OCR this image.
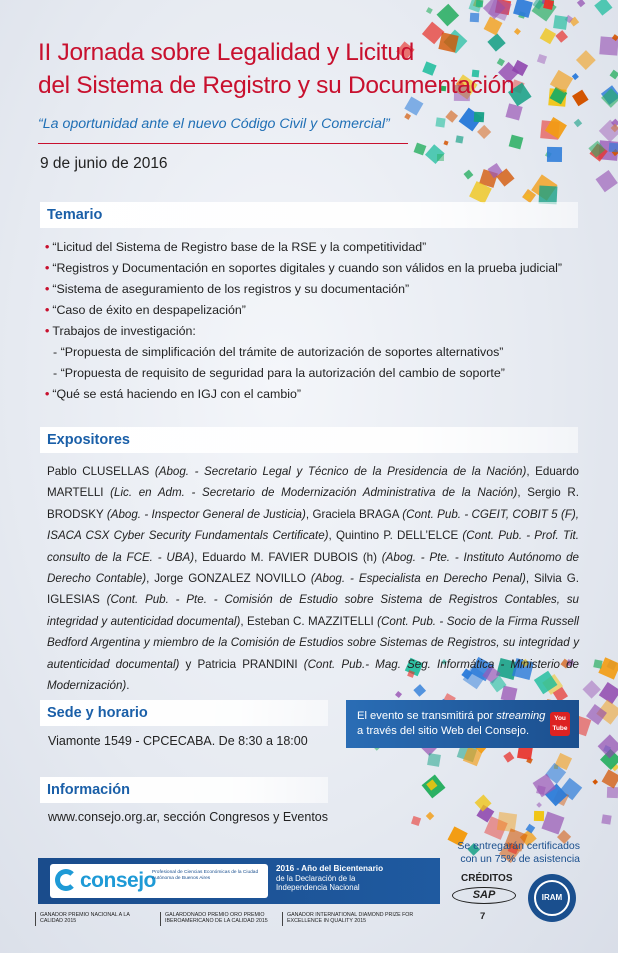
II Jornada sobre Legalidad y Licitud
del Sistema de Registro y su Documentación
“La oportunidad ante el nuevo Código Civil y Comercial”
9 de junio de 2016
Temario
• “Licitud del Sistema de Registro base de la RSE y la competitividad”
• “Registros y Documentación en soportes digitales y cuando son válidos en la prueba judicial”
• “Sistema de aseguramiento de los registros y su documentación”
• “Caso de éxito en despapelización”
• Trabajos de investigación:
- “Propuesta de simplificación del trámite de autorización de soportes alternativos”
- “Propuesta de requisito de seguridad para la autorización del cambio de soporte”
• “Qué se está haciendo en IGJ con el cambio”
Expositores
Pablo CLUSELLAS (Abog. - Secretario Legal y Técnico de la Presidencia de la Nación), Eduardo MARTELLI (Lic. en Adm. - Secretario de Modernización Administrativa de la Nación), Sergio R. BRODSKY (Abog. - Inspector General de Justicia), Graciela BRAGA (Cont. Pub. - CGEIT, COBIT 5 (F), ISACA CSX Cyber Security Fundamentals Certificate), Quintino P. DELL’ELCE (Cont. Pub. - Prof. Tit. consulto de la FCE. - UBA), Eduardo M. FAVIER DUBOIS (h) (Abog. - Pte. - Instituto Autónomo de Derecho Contable), Jorge GONZALEZ NOVILLO (Abog. - Especialista en Derecho Penal), Silvia G. IGLESIAS (Cont. Pub. - Pte. - Comisión de Estudio sobre Sistema de Registros Contables, su integridad y autenticidad documental), Esteban C. MAZZITELLI (Cont. Pub. - Socio de la Firma Russell Bedford Argentina y miembro de la Comisión de Estudios sobre Sistemas de Registros, su integridad y autenticidad documental) y Patricia PRANDINI (Cont. Pub.- Mag. Seg. Informática - Ministerio de Modernización).
Sede y horario
Viamonte 1549 - CPCECABA. De 8:30 a 18:00
El evento se transmitirá por streaming
a través del sitio Web del Consejo.
You Tube
Información
www.consejo.org.ar, sección Congresos y Eventos
Se entregarán certificados
con un 75% de asistencia
consejo
Profesional de Ciencias Económicas de la Ciudad Autónoma de Buenos Aires
2016 - Año del Bicentenario
de la Declaración de la
Independencia Nacional
CRÉDITOS
SAP
7
IRAM
GANADOR PREMIO NACIONAL A LA CALIDAD 2015
GALARDONADO PREMIO ORO PREMIO IBEROAMERICANO DE LA CALIDAD 2015
GANADOR INTERNATIONAL DIAMOND PRIZE FOR EXCELLENCE IN QUALITY 2015
